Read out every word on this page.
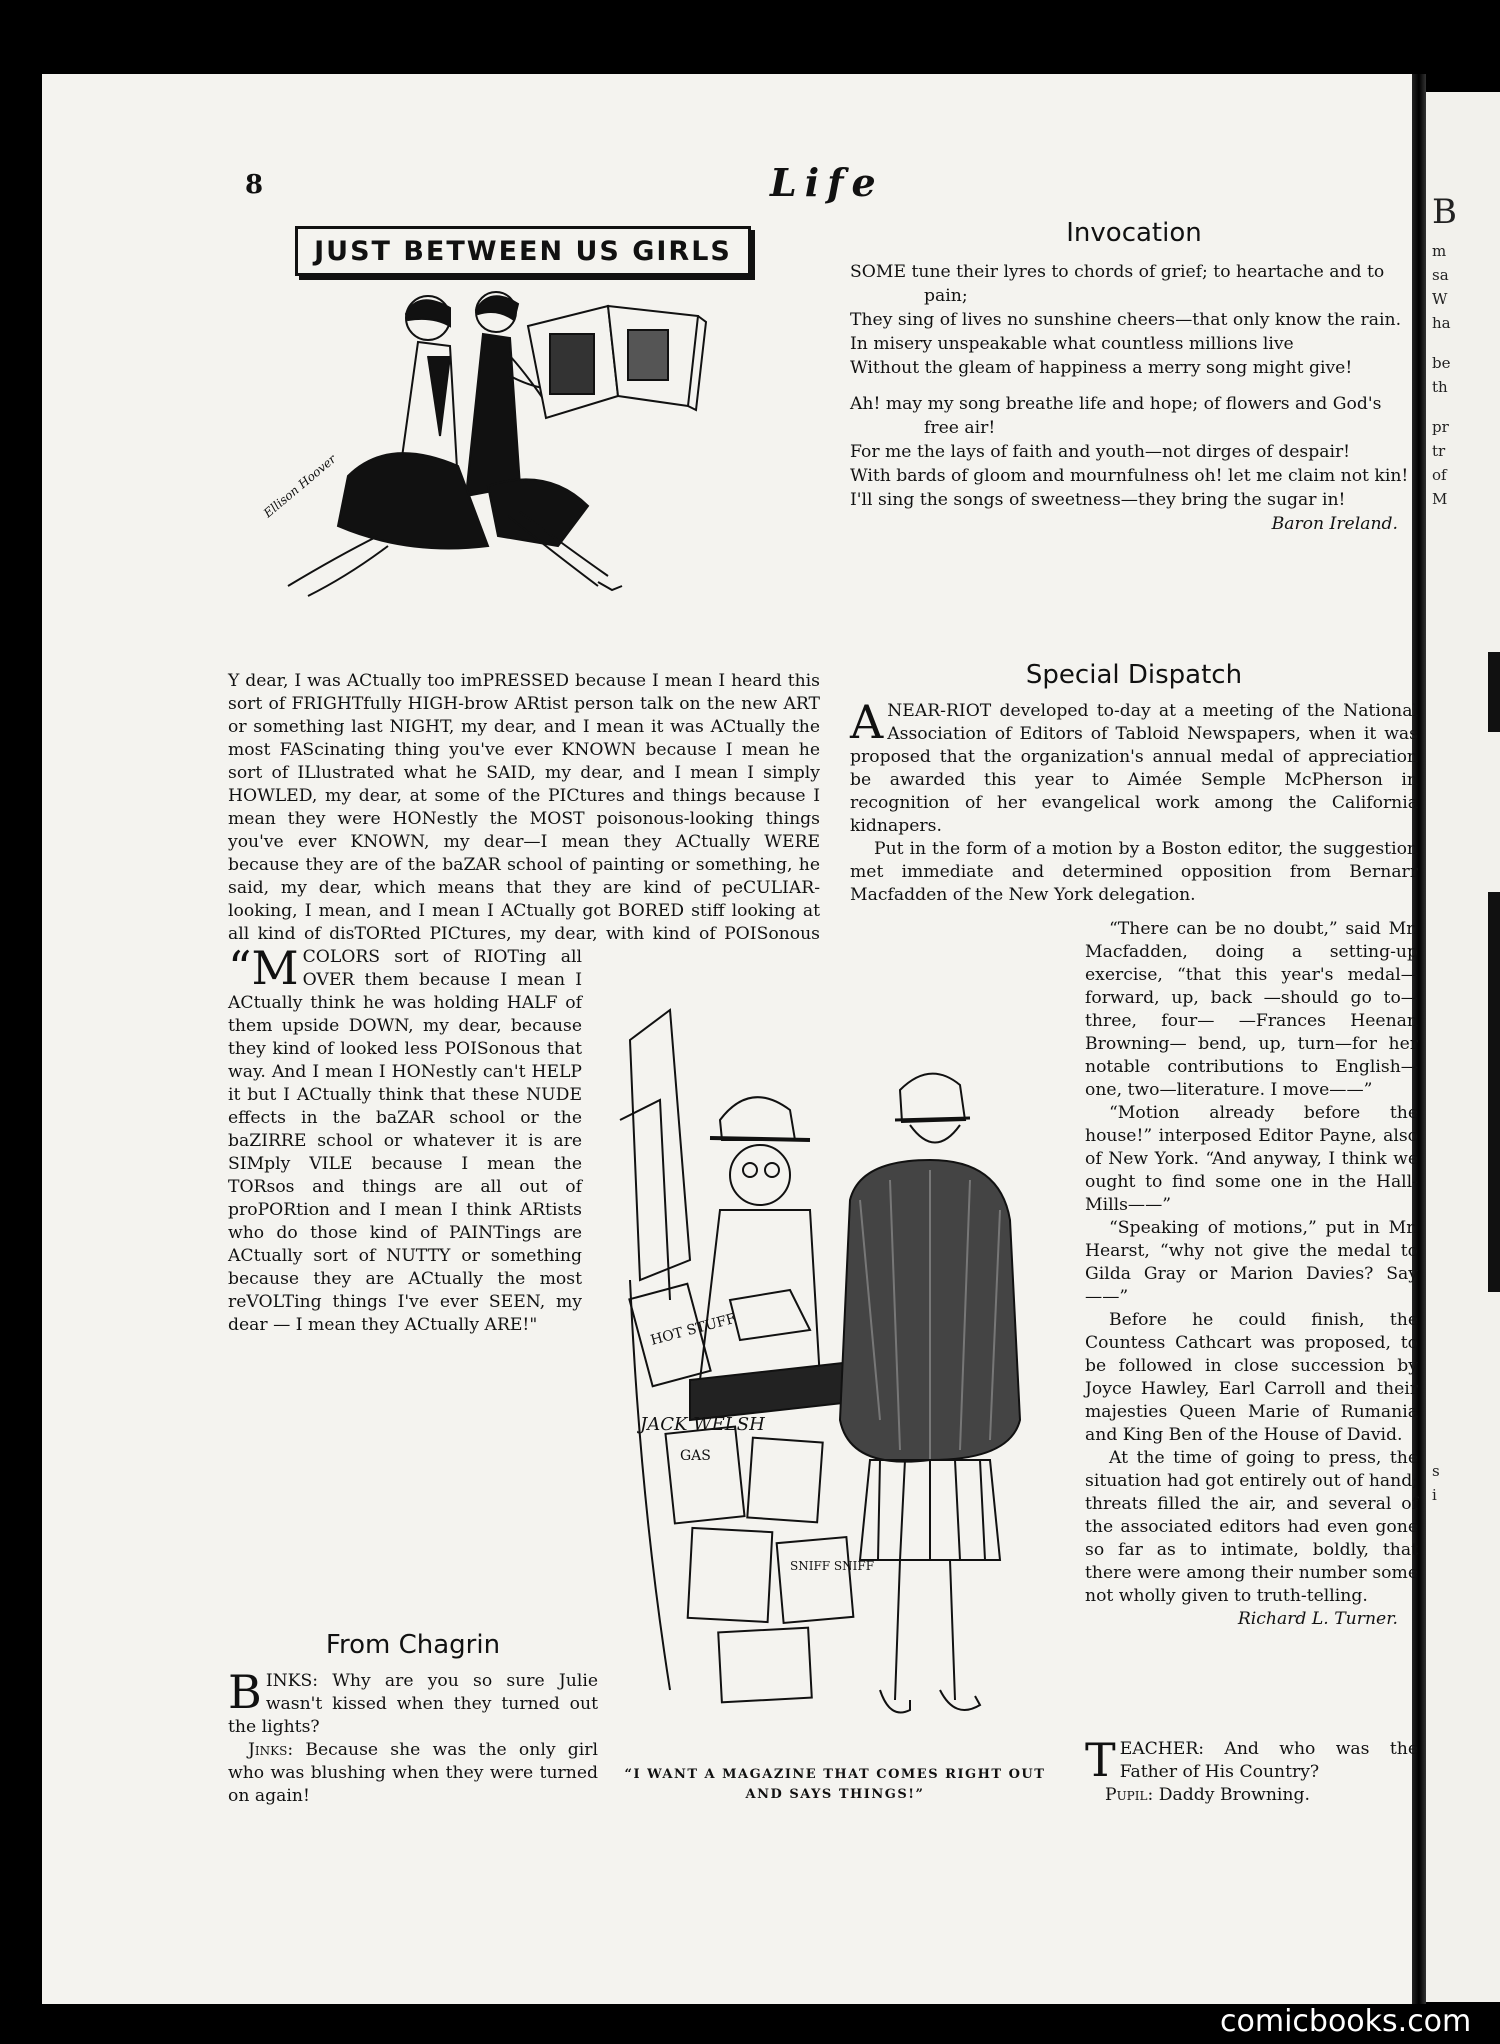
B
m
sa
W
ha
be
th
pr
tr
of
M
s
i
8	Life
JUST BETWEEN US GIRLS
Ellison Hoover

“M
Y dear, I was ACtually too imPRESSED because I mean I heard this sort of FRIGHTfully HIGH-brow ARtist person talk on the new ART or something last NIGHT, my dear, and I mean it was ACtually the most FAScinating thing you've ever KNOWN because I mean he sort of ILlustrated what he SAID, my dear, and I mean I simply HOWLED, my dear, at some of the PICtures and things because I mean they were HONestly the MOST poisonous-looking things you've ever KNOWN, my dear—I mean they ACtually WERE because they are of the baZAR school of painting or something, he said, my dear, which means that they are kind of peCULIAR-looking, I mean, and I mean I ACtually got BORED stiff looking at all kind of disTORted PICtures, my dear, with kind of POISonous COLORS sort of RIOTing all OVER them because I mean I ACtually think he was holding HALF of them upside DOWN, my dear, because they kind of looked less POISonous that way. And I mean I HONestly can't HELP it but I ACtually think that these NUDE effects in the baZAR school or the baZIRRE school or whatever it is are SIMply VILE because I mean the TORsos and things are all out of proPORtion and I mean I think ARtists who do those kind of PAINTings are ACtually sort of NUTTY or something because they are ACtually the most reVOLTing things I've ever SEEN, my dear — I mean they ACtually ARE!"

From Chagrin

BINKS: Why are you so sure Julie wasn't kissed when they turned out the lights?

Jinks: Because she was the only girl who was blushing when they were turned on again!

HOT STUFF
GAS
SNIFF SNIFF
JACK WELSH
“I WANT A MAGAZINE THAT COMES RIGHT OUT AND SAYS THINGS!”
Invocation
SOME tune their lyres to chords of grief; to heartache and to pain;
They sing of lives no sunshine cheers—that only know the rain.
In misery unspeakable what countless millions live
Without the gleam of happiness a merry song might give!
Ah! may my song breathe life and hope; of flowers and God's free air!
For me the lays of faith and youth—not dirges of despair!
With bards of gloom and mournfulness oh! let me claim not kin!
I'll sing the songs of sweetness—they bring the sugar in!
Baron Ireland.
Special Dispatch

ANEAR-RIOT developed to-day at a meeting of the National Association of Editors of Tabloid Newspapers, when it was proposed that the organization's annual medal of appreciation be awarded this year to Aimée Semple McPherson in recognition of her evangelical work among the California kidnapers.

Put in the form of a motion by a Boston editor, the suggestion met immediate and determined opposition from Bernarr Macfadden of the New York delegation.

“There can be no doubt,” said Mr. Macfadden, doing a setting-up exercise, “that this year's medal—forward, up, back —should go to—three, four— —Frances Heenan Browning— bend, up, turn—for her notable contributions to English—one, two—literature. I move——”

“Motion already before the house!” interposed Editor Payne, also of New York. “And anyway, I think we ought to find some one in the Hall-Mills——”

“Speaking of motions,” put in Mr. Hearst, “why not give the medal to Gilda Gray or Marion Davies? Say——”

Before he could finish, the Countess Cathcart was proposed, to be followed in close succession by Joyce Hawley, Earl Carroll and their majesties Queen Marie of Rumania and King Ben of the House of David.

At the time of going to press, the situation had got entirely out of hand; threats filled the air, and several of the associated editors had even gone so far as to intimate, boldly, that there were among their number some not wholly given to truth-telling.

Richard L. Turner.

TEACHER: And who was the Father of His Country?

Pupil: Daddy Browning.

comicbooks.com
